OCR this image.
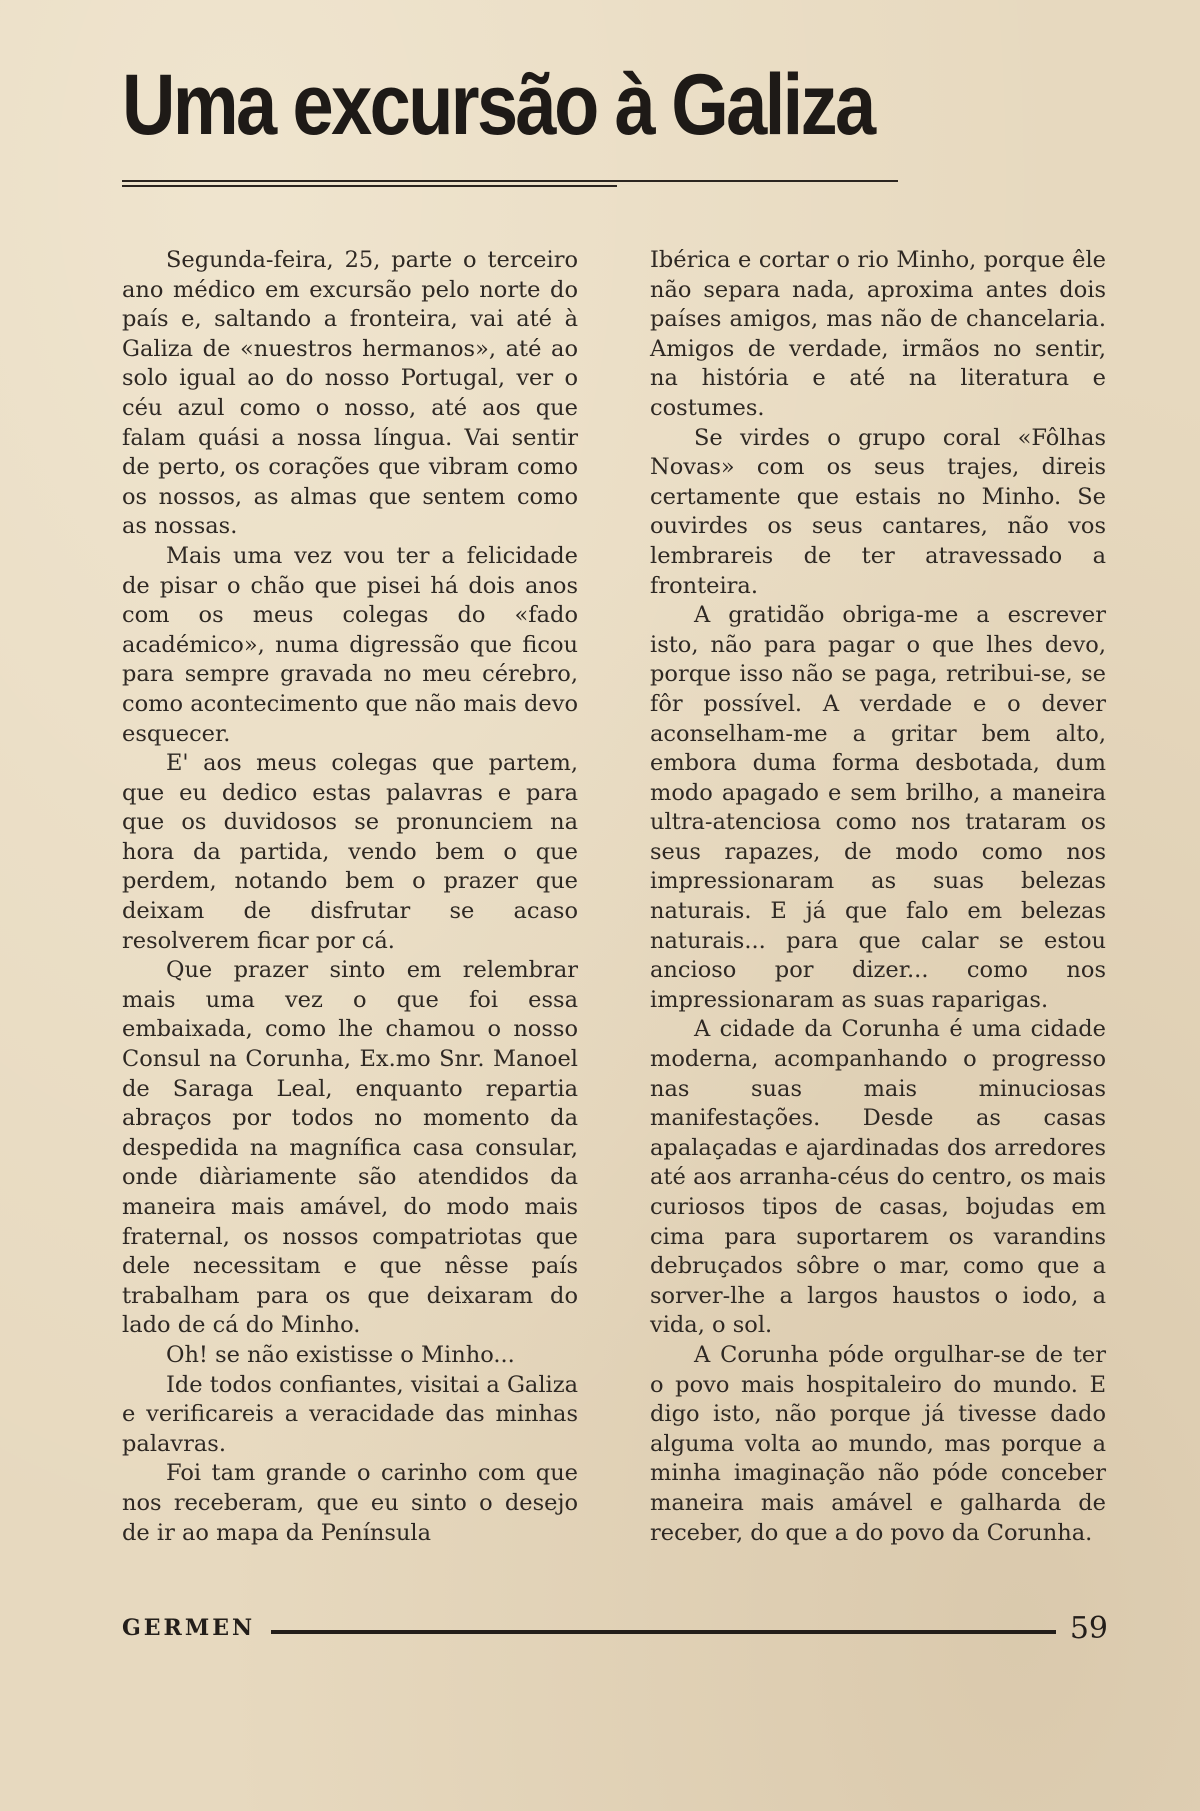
Uma excursão à Galiza

Segunda-feira, 25, parte o terceiro ano médico em excursão pelo norte do país e, saltando a fronteira, vai até à Galiza de «nuestros hermanos», até ao solo igual ao do nosso Portugal, ver o céu azul como o nosso, até aos que falam quási a nossa língua. Vai sentir de perto, os corações que vibram como os nossos, as almas que sentem como as nossas.

Mais uma vez vou ter a felicidade de pisar o chão que pisei há dois anos com os meus colegas do «fado académico», numa digressão que ficou para sempre gravada no meu cérebro, como acontecimento que não mais devo esquecer.

E' aos meus colegas que partem, que eu dedico estas palavras e para que os duvidosos se pronunciem na hora da partida, vendo bem o que perdem, notando bem o prazer que deixam de disfrutar se acaso resolverem ficar por cá.

Que prazer sinto em relembrar mais uma vez o que foi essa embaixada, como lhe chamou o nosso Consul na Corunha, Ex.mo Snr. Manoel de Saraga Leal, enquanto repartia abraços por todos no momento da despedida na magnífica casa consular, onde diàriamente são atendidos da maneira mais amável, do modo mais fraternal, os nossos compatriotas que dele necessitam e que nêsse país trabalham para os que deixaram do lado de cá do Minho.

Oh! se não existisse o Minho...

Ide todos confiantes, visitai a Galiza e verificareis a veracidade das minhas palavras.

Foi tam grande o carinho com que nos receberam, que eu sinto o desejo de ir ao mapa da Península

Ibérica e cortar o rio Minho, porque êle não separa nada, aproxima antes dois países amigos, mas não de chancelaria. Amigos de verdade, irmãos no sentir, na história e até na literatura e costumes.

Se virdes o grupo coral «Fôlhas Novas» com os seus trajes, direis certamente que estais no Minho. Se ouvirdes os seus cantares, não vos lembrareis de ter atravessado a fronteira.

A gratidão obriga-me a escrever isto, não para pagar o que lhes devo, porque isso não se paga, retribui-se, se fôr possível. A verdade e o dever aconselham-me a gritar bem alto, embora duma forma desbotada, dum modo apagado e sem brilho, a maneira ultra-atenciosa como nos trataram os seus rapazes, de modo como nos impressionaram as suas belezas naturais. E já que falo em belezas naturais... para que calar se estou ancioso por dizer... como nos impressionaram as suas raparigas.

A cidade da Corunha é uma cidade moderna, acompanhando o progresso nas suas mais minuciosas manifestações. Desde as casas apalaçadas e ajardinadas dos arredores até aos arranha-céus do centro, os mais curiosos tipos de casas, bojudas em cima para suportarem os varandins debruçados sôbre o mar, como que a sorver-lhe a largos haustos o iodo, a vida, o sol.

A Corunha póde orgulhar-se de ter o povo mais hospitaleiro do mundo. E digo isto, não porque já tivesse dado alguma volta ao mundo, mas porque a minha imaginação não póde conceber maneira mais amável e galharda de receber, do que a do povo da Corunha.

GERMEN	59
